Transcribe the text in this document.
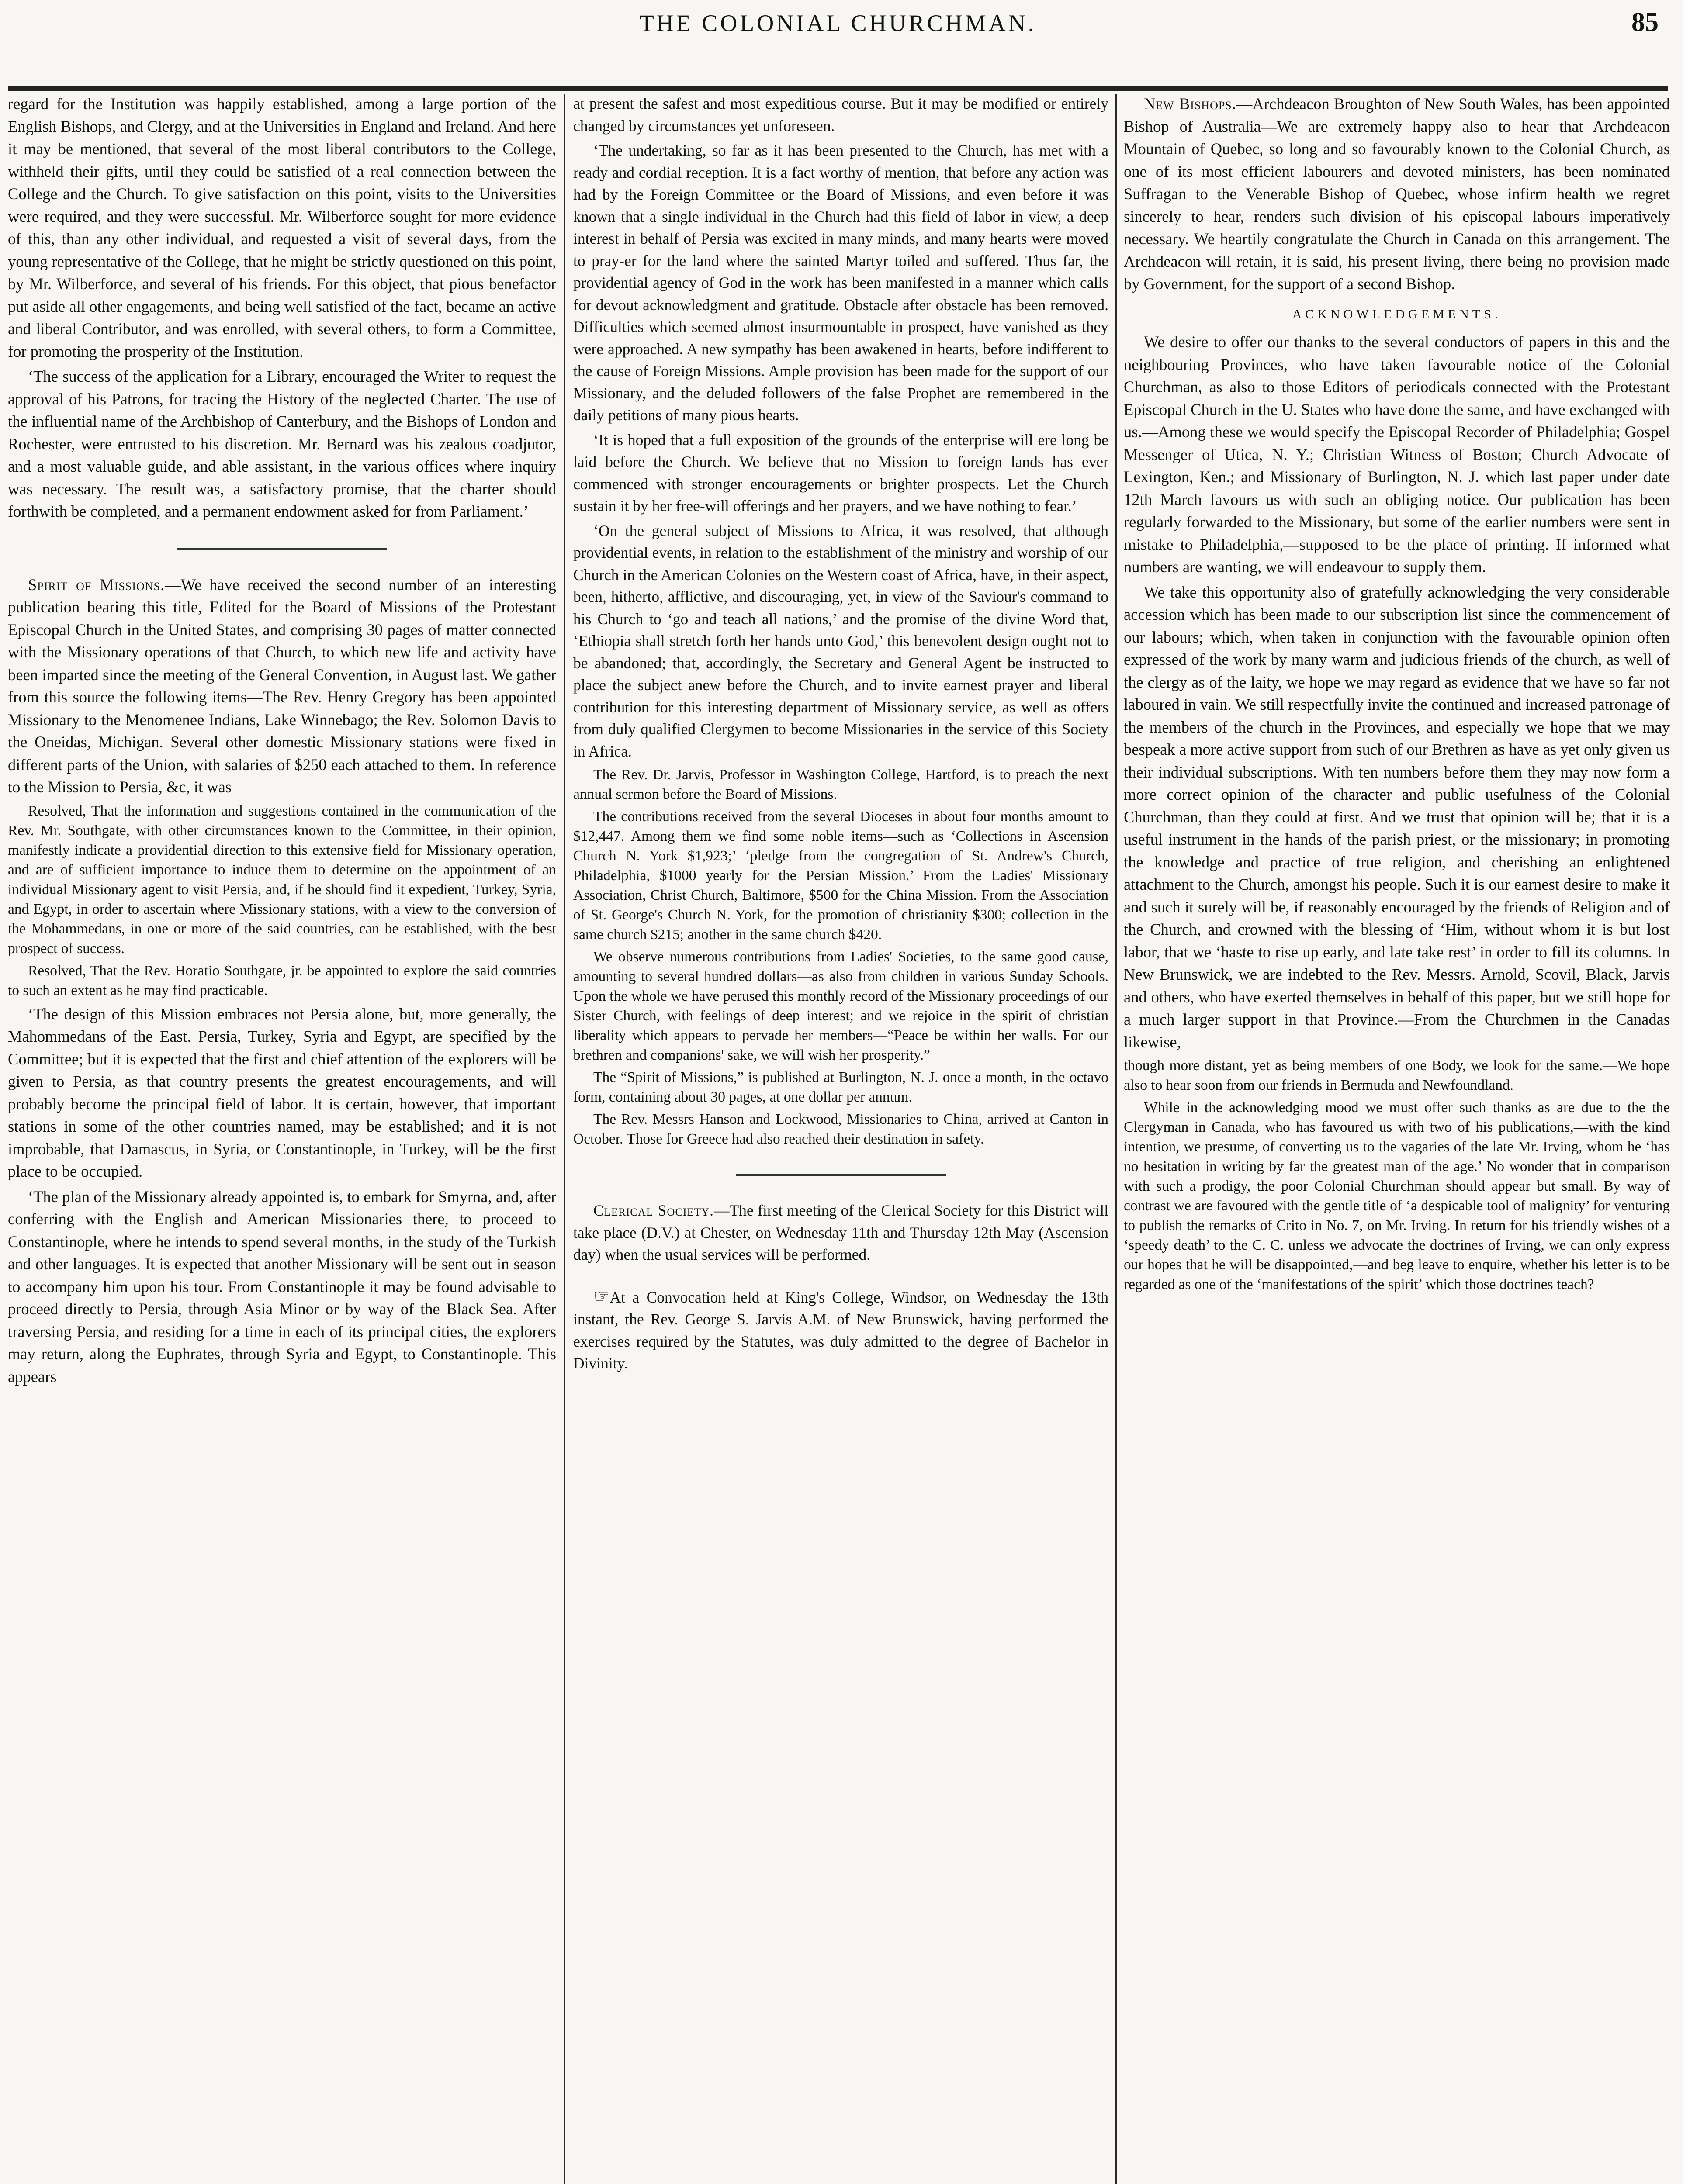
THE COLONIAL CHURCHMAN.	85

regard for the Institution was happily established, among a large portion of the English Bishops, and Clergy, and at the Universities in England and Ireland. And here it may be mentioned, that several of the most liberal contributors to the College, withheld their gifts, until they could be satisfied of a real connection between the College and the Church. To give satisfaction on this point, visits to the Universities were required, and they were successful. Mr. Wilberforce sought for more evidence of this, than any other individual, and requested a visit of several days, from the young representative of the College, that he might be strictly questioned on this point, by Mr. Wilberforce, and several of his friends. For this object, that pious benefactor put aside all other engagements, and being well satisfied of the fact, became an active and liberal Contributor, and was enrolled, with several others, to form a Committee, for promoting the prosperity of the Institution.

‘The success of the application for a Library, encouraged the Writer to request the approval of his Patrons, for tracing the History of the neglected Charter. The use of the influential name of the Archbishop of Canterbury, and the Bishops of London and Rochester, were entrusted to his discretion. Mr. Bernard was his zealous coadjutor, and a most valuable guide, and able assistant, in the various offices where inquiry was necessary. The result was, a satisfactory promise, that the charter should forthwith be completed, and a permanent endowment asked for from Parliament.’

Spirit of Missions.—We have received the second number of an interesting publication bearing this title, Edited for the Board of Missions of the Protestant Episcopal Church in the United States, and comprising 30 pages of matter connected with the Missionary operations of that Church, to which new life and activity have been imparted since the meeting of the General Convention, in August last. We gather from this source the following items—The Rev. Henry Gregory has been appointed Missionary to the Menomenee Indians, Lake Winnebago; the Rev. Solomon Davis to the Oneidas, Michigan. Several other domestic Missionary stations were fixed in different parts of the Union, with salaries of $250 each attached to them. In reference to the Mission to Persia, &c, it was

Resolved, That the information and suggestions contained in the communication of the Rev. Mr. Southgate, with other circumstances known to the Committee, in their opinion, manifestly indicate a providential direction to this extensive field for Missionary operation, and are of sufficient importance to induce them to determine on the appointment of an individual Missionary agent to visit Persia, and, if he should find it expedient, Turkey, Syria, and Egypt, in order to ascertain where Missionary stations, with a view to the conversion of the Mohammedans, in one or more of the said countries, can be established, with the best prospect of success.

Resolved, That the Rev. Horatio Southgate, jr. be appointed to explore the said countries to such an extent as he may find practicable.

‘The design of this Mission embraces not Persia alone, but, more generally, the Mahommedans of the East. Persia, Turkey, Syria and Egypt, are specified by the Committee; but it is expected that the first and chief attention of the explorers will be given to Persia, as that country presents the greatest encouragements, and will probably become the principal field of labor. It is certain, however, that important stations in some of the other countries named, may be established; and it is not improbable, that Damascus, in Syria, or Constantinople, in Turkey, will be the first place to be occupied.

‘The plan of the Missionary already appointed is, to embark for Smyrna, and, after conferring with the English and American Missionaries there, to proceed to Constantinople, where he intends to spend several months, in the study of the Turkish and other languages. It is expected that another Missionary will be sent out in season to accompany him upon his tour. From Constantinople it may be found advisable to proceed directly to Persia, through Asia Minor or by way of the Black Sea. After traversing Persia, and residing for a time in each of its principal cities, the explorers may return, along the Euphrates, through Syria and Egypt, to Constantinople. This appears

at present the safest and most expeditious course. But it may be modified or entirely changed by circumstances yet unforeseen.

‘The undertaking, so far as it has been presented to the Church, has met with a ready and cordial reception. It is a fact worthy of mention, that before any action was had by the Foreign Committee or the Board of Missions, and even before it was known that a single individual in the Church had this field of labor in view, a deep interest in behalf of Persia was excited in many minds, and many hearts were moved to pray-er for the land where the sainted Martyr toiled and suffered. Thus far, the providential agency of God in the work has been manifested in a manner which calls for devout acknowledgment and gratitude. Obstacle after obstacle has been removed. Difficulties which seemed almost insurmountable in prospect, have vanished as they were approached. A new sympathy has been awakened in hearts, before indifferent to the cause of Foreign Missions. Ample provision has been made for the support of our Missionary, and the deluded followers of the false Prophet are remembered in the daily petitions of many pious hearts.

‘It is hoped that a full exposition of the grounds of the enterprise will ere long be laid before the Church. We believe that no Mission to foreign lands has ever commenced with stronger encouragements or brighter prospects. Let the Church sustain it by her free-will offerings and her prayers, and we have nothing to fear.’

‘On the general subject of Missions to Africa, it was resolved, that although providential events, in relation to the establishment of the ministry and worship of our Church in the American Colonies on the Western coast of Africa, have, in their aspect, been, hitherto, afflictive, and discouraging, yet, in view of the Saviour's command to his Church to ‘go and teach all nations,’ and the promise of the divine Word that, ‘Ethiopia shall stretch forth her hands unto God,’ this benevolent design ought not to be abandoned; that, accordingly, the Secretary and General Agent be instructed to place the subject anew before the Church, and to invite earnest prayer and liberal contribution for this interesting department of Missionary service, as well as offers from duly qualified Clergymen to become Missionaries in the service of this Society in Africa.

The Rev. Dr. Jarvis, Professor in Washington College, Hartford, is to preach the next annual sermon before the Board of Missions.

The contributions received from the several Dioceses in about four months amount to $12,447. Among them we find some noble items—such as ‘Collections in Ascension Church N. York $1,923;’ ‘pledge from the congregation of St. Andrew's Church, Philadelphia, $1000 yearly for the Persian Mission.’ From the Ladies' Missionary Association, Christ Church, Baltimore, $500 for the China Mission. From the Association of St. George's Church N. York, for the promotion of christianity $300; collection in the same church $215; another in the same church $420.

We observe numerous contributions from Ladies' Societies, to the same good cause, amounting to several hundred dollars—as also from children in various Sunday Schools. Upon the whole we have perused this monthly record of the Missionary proceedings of our Sister Church, with feelings of deep interest; and we rejoice in the spirit of christian liberality which appears to pervade her members—“Peace be within her walls. For our brethren and companions' sake, we will wish her prosperity.”

The “Spirit of Missions,” is published at Burlington, N. J. once a month, in the octavo form, containing about 30 pages, at one dollar per annum.

The Rev. Messrs Hanson and Lockwood, Missionaries to China, arrived at Canton in October. Those for Greece had also reached their destination in safety.

Clerical Society.—The first meeting of the Clerical Society for this District will take place (D.V.) at Chester, on Wednesday 11th and Thursday 12th May (Ascension day) when the usual services will be performed.

☞At a Convocation held at King's College, Windsor, on Wednesday the 13th instant, the Rev. George S. Jarvis A.M. of New Brunswick, having performed the exercises required by the Statutes, was duly admitted to the degree of Bachelor in Divinity.

New Bishops.—Archdeacon Broughton of New South Wales, has been appointed Bishop of Australia—We are extremely happy also to hear that Archdeacon Mountain of Quebec, so long and so favourably known to the Colonial Church, as one of its most efficient labourers and devoted ministers, has been nominated Suffragan to the Venerable Bishop of Quebec, whose infirm health we regret sincerely to hear, renders such division of his episcopal labours imperatively necessary. We heartily congratulate the Church in Canada on this arrangement. The Archdeacon will retain, it is said, his present living, there being no provision made by Government, for the support of a second Bishop.

ACKNOWLEDGEMENTS.

We desire to offer our thanks to the several conductors of papers in this and the neighbouring Provinces, who have taken favourable notice of the Colonial Churchman, as also to those Editors of periodicals connected with the Protestant Episcopal Church in the U. States who have done the same, and have exchanged with us.—Among these we would specify the Episcopal Recorder of Philadelphia; Gospel Messenger of Utica, N. Y.; Christian Witness of Boston; Church Advocate of Lexington, Ken.; and Missionary of Burlington, N. J. which last paper under date 12th March favours us with such an obliging notice. Our publication has been regularly forwarded to the Missionary, but some of the earlier numbers were sent in mistake to Philadelphia,—supposed to be the place of printing. If informed what numbers are wanting, we will endeavour to supply them.

We take this opportunity also of gratefully acknowledging the very considerable accession which has been made to our subscription list since the commencement of our labours; which, when taken in conjunction with the favourable opinion often expressed of the work by many warm and judicious friends of the church, as well of the clergy as of the laity, we hope we may regard as evidence that we have so far not laboured in vain. We still respectfully invite the continued and increased patronage of the members of the church in the Provinces, and especially we hope that we may bespeak a more active support from such of our Brethren as have as yet only given us their individual subscriptions. With ten numbers before them they may now form a more correct opinion of the character and public usefulness of the Colonial Churchman, than they could at first. And we trust that opinion will be; that it is a useful instrument in the hands of the parish priest, or the missionary; in promoting the knowledge and practice of true religion, and cherishing an enlightened attachment to the Church, amongst his people. Such it is our earnest desire to make it and such it surely will be, if reasonably encouraged by the friends of Religion and of the Church, and crowned with the blessing of ‘Him, without whom it is but lost labor, that we ‘haste to rise up early, and late take rest’ in order to fill its columns. In New Brunswick, we are indebted to the Rev. Messrs. Arnold, Scovil, Black, Jarvis and others, who have exerted themselves in behalf of this paper, but we still hope for a much larger support in that Province.—From the Churchmen in the Canadas likewise,

though more distant, yet as being members of one Body, we look for the same.—We hope also to hear soon from our friends in Bermuda and Newfoundland.

While in the acknowledging mood we must offer such thanks as are due to the the Clergyman in Canada, who has favoured us with two of his publications,—with the kind intention, we presume, of converting us to the vagaries of the late Mr. Irving, whom he ‘has no hesitation in writing by far the greatest man of the age.’ No wonder that in comparison with such a prodigy, the poor Colonial Churchman should appear but small. By way of contrast we are favoured with the gentle title of ‘a despicable tool of malignity’ for venturing to publish the remarks of Crito in No. 7, on Mr. Irving. In return for his friendly wishes of a ‘speedy death’ to the C. C. unless we advocate the doctrines of Irving, we can only express our hopes that he will be disappointed,—and beg leave to enquire, whether his letter is to be regarded as one of the ‘manifestations of the spirit’ which those doctrines teach?
